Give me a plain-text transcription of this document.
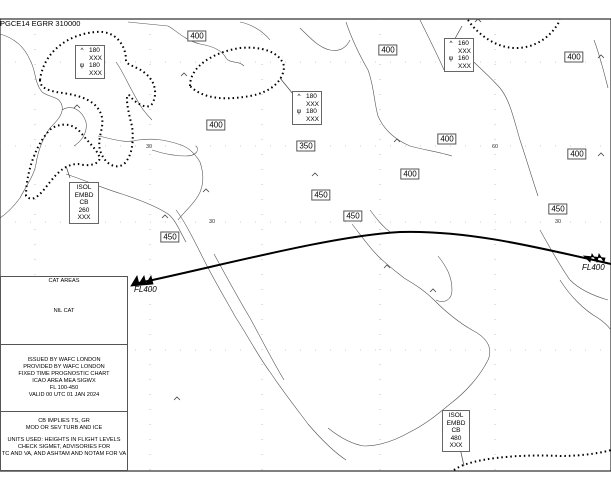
PGCE14 EGRR 310000
400
400
400
400
400
400
350
400
450
450
450
450
FL400
FL400
ISOL
EMBD
CB
260
XXX
ISOL
EMBD
CB
480
XXX
^ 180
XXX
ψ 180
XXX
^ 180
XXX
ψ 180
XXX
^ 160
XXX
ψ 160
XXX
30
30
60
30
CAT AREAS
NIL CAT
ISSUED BY WAFC LONDON
PROVIDED BY WAFC LONDON
FIXED TIME PROGNOSTIC CHART
ICAO AREA MEA SIGWX
FL 100-450
VALID 00 UTC 01 JAN 2024
CB IMPLIES TS, GR
MOD OR SEV TURB AND ICE
UNITS USED: HEIGHTS IN FLIGHT LEVELS
CHECK SIGMET, ADVISORIES FOR
TC AND VA, AND ASHTAM AND NOTAM FOR VA
